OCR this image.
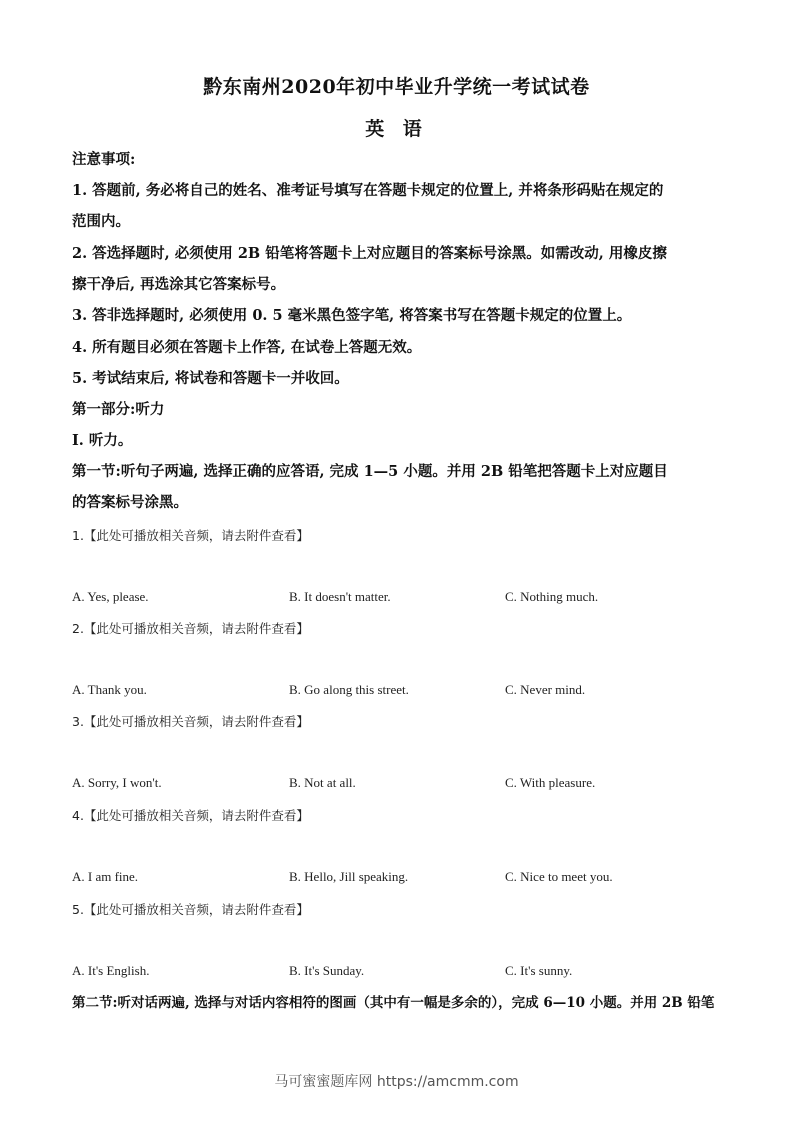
黔东南州2020年初中毕业升学统一考试试卷
英 语
注意事项:
1. 答题前, 务必将自己的姓名、准考证号填写在答题卡规定的位置上, 并将条形码贴在规定的
范围内。
2. 答选择题时, 必须使用 2B 铅笔将答题卡上对应题目的答案标号涂黑。如需改动, 用橡皮擦
擦干净后, 再选涂其它答案标号。
3. 答非选择题时, 必须使用 0. 5 毫米黑色签字笔, 将答案书写在答题卡规定的位置上。
4. 所有题目必须在答题卡上作答, 在试卷上答题无效。
5. 考试结束后, 将试卷和答题卡一并收回。
第一部分:听力
I. 听力。
第一节:听句子两遍, 选择正确的应答语, 完成 1—5 小题。并用 2B 铅笔把答题卡上对应题目
的答案标号涂黑。
1.【此处可播放相关音频，请去附件查看】
A. Yes, please.	B. It doesn't matter.	C. Nothing much.
2.【此处可播放相关音频，请去附件查看】
A. Thank you.	B. Go along this street.	C. Never mind.
3.【此处可播放相关音频，请去附件查看】
A. Sorry, I won't.	B. Not at all.	C. With pleasure.
4.【此处可播放相关音频，请去附件查看】
A. I am fine.	B. Hello, Jill speaking.	C. Nice to meet you.
5.【此处可播放相关音频，请去附件查看】
A. It's English.	B. It's Sunday.	C. It's sunny.
第二节:听对话两遍, 选择与对话内容相符的图画（其中有一幅是多余的），完成 6—10 小题。并用 2B 铅笔
马可蜜蜜题库网 https://amcmm.com
